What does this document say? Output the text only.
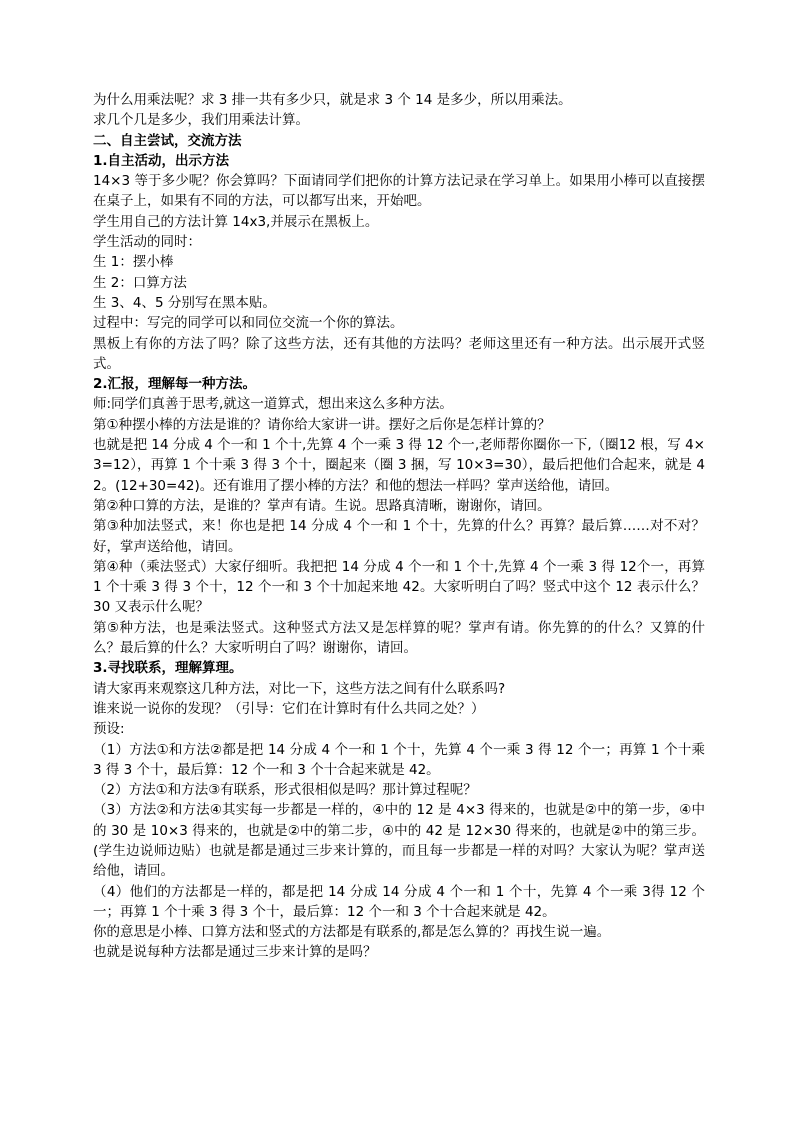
为什么用乘法呢？求 3 排一共有多少只，就是求 3 个 14 是多少，所以用乘法。

求几个几是多少，我们用乘法计算。

二、自主尝试，交流方法

1.自主活动，出示方法

14×3 等于多少呢？你会算吗？下面请同学们把你的计算方法记录在学习单上。如果用小棒可以直接摆在桌子上，如果有不同的方法，可以都写出来，开始吧。

学生用自己的方法计算 14x3,并展示在黑板上。

学生活动的同时：

生 1：摆小棒

生 2：口算方法

生 3、4、5 分别写在黑本贴。

过程中：写完的同学可以和同位交流一个你的算法。

黑板上有你的方法了吗？除了这些方法，还有其他的方法吗？老师这里还有一种方法。出示展开式竖式。

2.汇报，理解每一种方法。

师:同学们真善于思考,就这一道算式，想出来这么多种方法。

第①种摆小棒的方法是谁的？请你给大家讲一讲。摆好之后你是怎样计算的？

也就是把 14 分成 4 个一和 1 个十,先算 4 个一乘 3 得 12 个一,老师帮你圈你一下,（圈12 根，写 4×3=12），再算 1 个十乘 3 得 3 个十，圈起来（圈 3 捆，写 10×3=30），最后把他们合起来，就是 42。(12+30=42)。还有谁用了摆小棒的方法？和他的想法一样吗？掌声送给他，请回。

第②种口算的方法，是谁的？掌声有请。生说。思路真清晰，谢谢你，请回。

第③种加法竖式，来！你也是把 14 分成 4 个一和 1 个十，先算的什么？再算？最后算……对不对？好，掌声送给他，请回。

第④种（乘法竖式）大家仔细听。我把把 14 分成 4 个一和 1 个十,先算 4 个一乘 3 得 12个一，再算 1 个十乘 3 得 3 个十，12 个一和 3 个十加起来地 42。大家听明白了吗？竖式中这个 12 表示什么？30 又表示什么呢？

第⑤种方法，也是乘法竖式。这种竖式方法又是怎样算的呢？掌声有请。你先算的的什么？又算的什么？最后算的什么？大家听明白了吗？谢谢你，请回。

3.寻找联系，理解算理。

请大家再来观察这几种方法，对比一下，这些方法之间有什么联系吗?

谁来说一说你的发现？（引导：它们在计算时有什么共同之处？）

预设:

（1）方法①和方法②都是把 14 分成 4 个一和 1 个十，先算 4 个一乘 3 得 12 个一；再算 1 个十乘 3 得 3 个十，最后算：12 个一和 3 个十合起来就是 42。

（2）方法①和方法③有联系，形式很相似是吗？那计算过程呢？

（3）方法②和方法④其实每一步都是一样的，④中的 12 是 4×3 得来的，也就是②中的第一步，④中的 30 是 10×3 得来的，也就是②中的第二步，④中的 42 是 12×30 得来的，也就是②中的第三步。(学生边说师边贴）也就是都是通过三步来计算的，而且每一步都是一样的对吗？大家认为呢？掌声送给他，请回。

（4）他们的方法都是一样的，都是把 14 分成 14 分成 4 个一和 1 个十，先算 4 个一乘 3得 12 个一；再算 1 个十乘 3 得 3 个十，最后算：12 个一和 3 个十合起来就是 42。

你的意思是小棒、口算方法和竖式的方法都是有联系的,都是怎么算的？再找生说一遍。

也就是说每种方法都是通过三步来计算的是吗？
